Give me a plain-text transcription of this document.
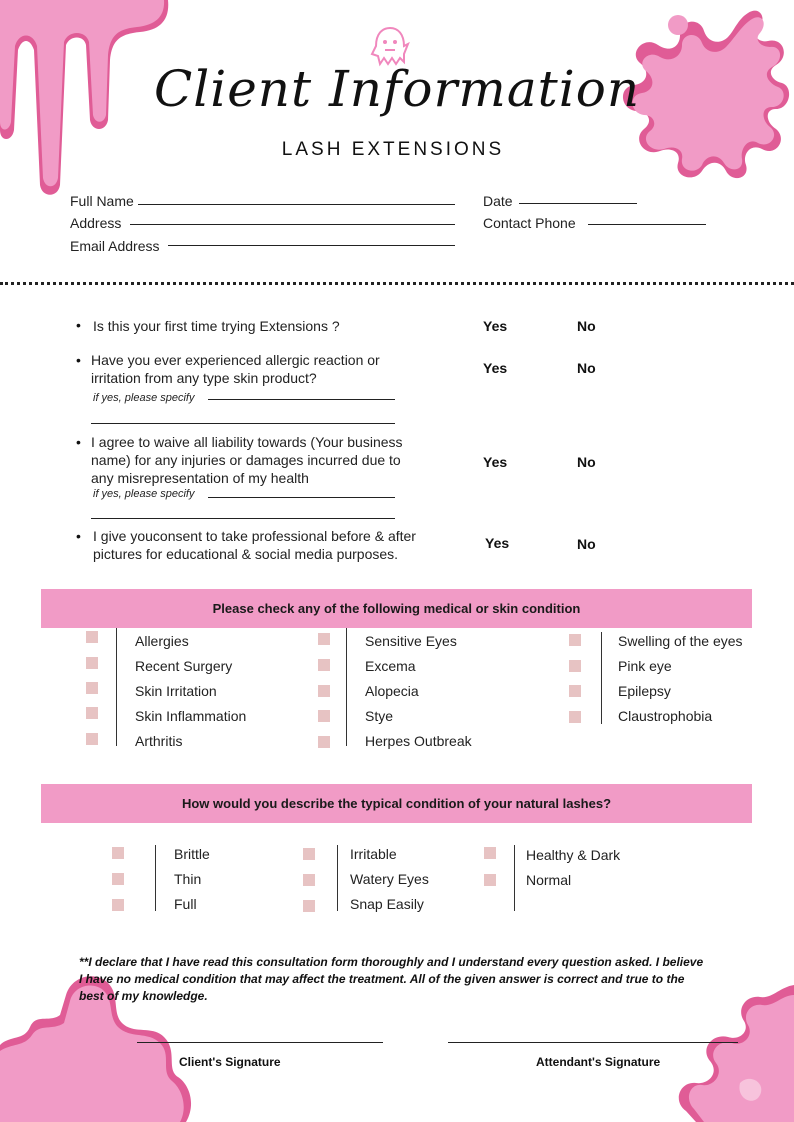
Client Information
LASH EXTENSIONS
Full Name
Address
Email Address
Date
Contact Phone
• Is this your first time trying Extensions ?	Yes	No
• Have you ever experienced allergic reaction or
irritation from any type skin product?
Yes	No
if yes, please specify
• I agree to waive all liability towards (Your business
name) for any injuries or damages incurred due to
any misrepresentation of my health
Yes	No
if yes, please specify
• I give youconsent to take professional before & after
pictures for educational & social media purposes.
Yes	No
Please check any of the following medical or skin condition
Allergies
Recent Surgery
Skin Irritation
Skin Inflammation
Arthritis
Sensitive Eyes
Excema
Alopecia
Stye
Herpes Outbreak
Swelling of the eyes
Pink eye
Epilepsy
Claustrophobia
How would you describe the typical condition of your natural lashes?
Brittle
Thin
Full
Irritable
Watery Eyes
Snap Easily
Healthy & Dark
Normal
**I declare that I have read this consultation form thoroughly and I understand every question asked. I believe I have no medical condition that may affect the treatment. All of the given answer is correct and true to the best of my knowledge.
Client's Signature	Attendant's Signature
